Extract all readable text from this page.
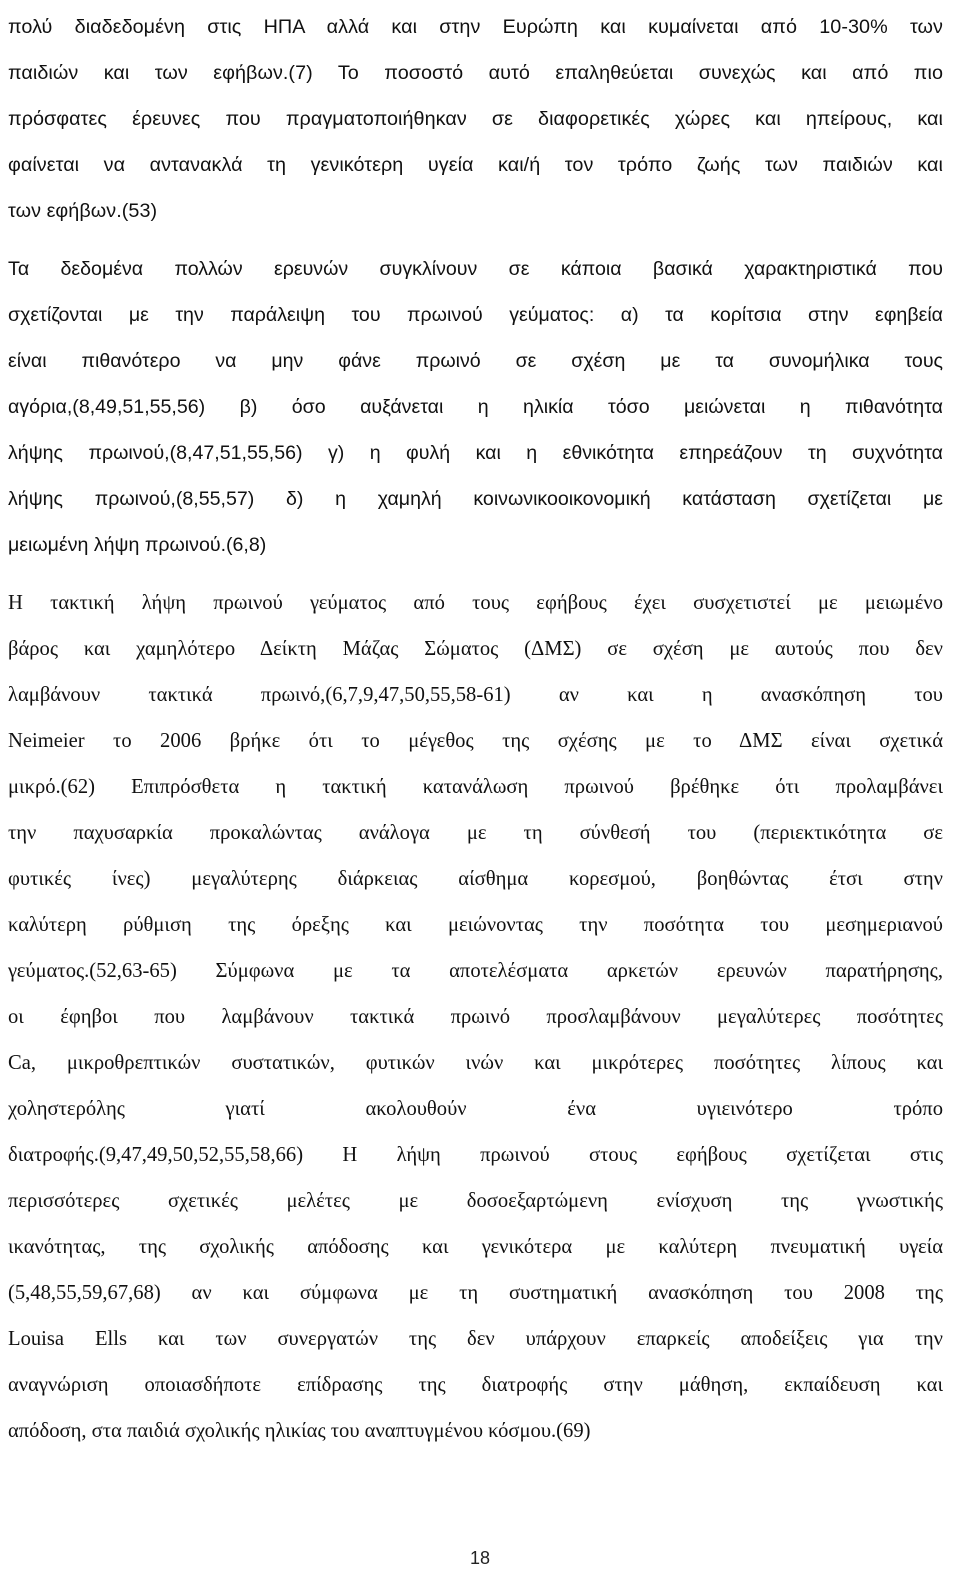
πολύ διαδεδομένη στις ΗΠΑ αλλά και στην Ευρώπη και κυμαίνεται από 10-30% των
παιδιών και των εφήβων.(7) Το ποσοστό αυτό επαληθεύεται συνεχώς και από πιο
πρόσφατες έρευνες που πραγματοποιήθηκαν σε διαφορετικές χώρες και ηπείρους, και
φαίνεται να αντανακλά τη γενικότερη υγεία και/ή τον τρόπο ζωής των παιδιών και
των εφήβων.(53)

Τα δεδομένα πολλών ερευνών συγκλίνουν σε κάποια βασικά χαρακτηριστικά που
σχετίζονται με την παράλειψη του πρωινού γεύματος: α) τα κορίτσια στην εφηβεία
είναι πιθανότερο να μην φάνε πρωινό σε σχέση με τα συνομήλικα τους
αγόρια,(8,49,51,55,56) β) όσο αυξάνεται η ηλικία τόσο μειώνεται η πιθανότητα
λήψης πρωινού,(8,47,51,55,56) γ) η φυλή και η εθνικότητα επηρεάζουν τη συχνότητα
λήψης πρωινού,(8,55,57) δ) η χαμηλή κοινωνικοοικονομική κατάσταση σχετίζεται με
μειωμένη λήψη πρωινού.(6,8)

Η τακτική λήψη πρωινού γεύματος από τους εφήβους έχει συσχετιστεί με μειωμένο
βάρος και χαμηλότερο Δείκτη Μάζας Σώματος (ΔΜΣ) σε σχέση με αυτούς που δεν
λαμβάνουν τακτικά πρωινό,(6,7,9,47,50,55,58-61) αν και η ανασκόπηση του
Neimeier το 2006 βρήκε ότι το μέγεθος της σχέσης με το ΔΜΣ είναι σχετικά
μικρό.(62) Επιπρόσθετα η τακτική κατανάλωση πρωινού βρέθηκε ότι προλαμβάνει
την παχυσαρκία προκαλώντας ανάλογα με τη σύνθεσή του (περιεκτικότητα σε
φυτικές ίνες) μεγαλύτερης διάρκειας αίσθημα κορεσμού, βοηθώντας έτσι στην
καλύτερη ρύθμιση της όρεξης και μειώνοντας την ποσότητα του μεσημεριανού
γεύματος.(52,63-65) Σύμφωνα με τα αποτελέσματα αρκετών ερευνών παρατήρησης,
οι έφηβοι που λαμβάνουν τακτικά πρωινό προσλαμβάνουν μεγαλύτερες ποσότητες
Ca, μικροθρεπτικών συστατικών, φυτικών ινών και μικρότερες ποσότητες λίπους και
χοληστερόλης γιατί ακολουθούν ένα υγιεινότερο τρόπο
διατροφής.(9,47,49,50,52,55,58,66) Η λήψη πρωινού στους εφήβους σχετίζεται στις
περισσότερες σχετικές μελέτες με δοσοεξαρτώμενη ενίσχυση της γνωστικής
ικανότητας, της σχολικής απόδοσης και γενικότερα με καλύτερη πνευματική υγεία
(5,48,55,59,67,68) αν και σύμφωνα με τη συστηματική ανασκόπηση του 2008 της
Louisa Ells και των συνεργατών της δεν υπάρχουν επαρκείς αποδείξεις για την
αναγνώριση οποιασδήποτε επίδρασης της διατροφής στην μάθηση, εκπαίδευση και
απόδοση, στα παιδιά σχολικής ηλικίας του αναπτυγμένου κόσμου.(69)

18
